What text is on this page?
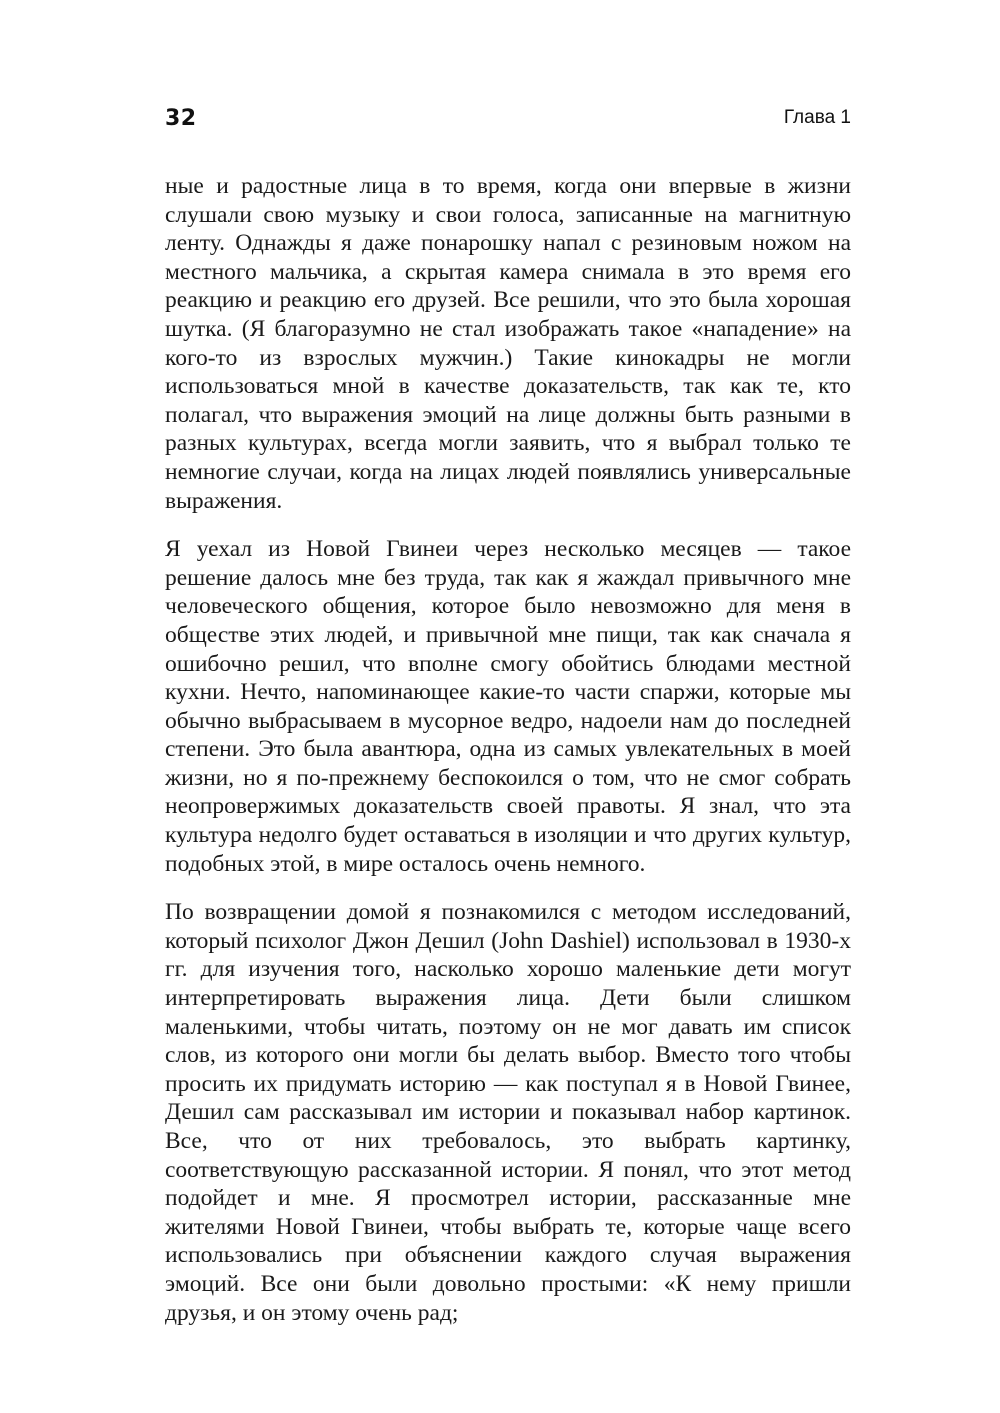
32	Глава 1

ные и радостные лица в то время, когда они впервые в жизни слушали свою музыку и свои голоса, записанные на магнитную ленту. Однажды я даже понарошку напал с резиновым ножом на местного мальчика, а скрытая камера снимала в это время его реакцию и реакцию его друзей. Все решили, что это была хорошая шутка. (Я благоразумно не стал изображать такое «нападение» на кого-то из взрослых мужчин.) Такие кинокадры не могли использоваться мной в качестве доказательств, так как те, кто полагал, что выражения эмоций на лице должны быть разными в разных культурах, всегда могли заявить, что я выбрал только те немногие случаи, когда на лицах людей появлялись универсальные выражения.

Я уехал из Новой Гвинеи через несколько месяцев — такое решение далось мне без труда, так как я жаждал привычного мне человеческого общения, которое было невозможно для меня в обществе этих людей, и привычной мне пищи, так как сначала я ошибочно решил, что вполне смогу обойтись блюдами местной кухни. Нечто, напоминающее какие-то части спаржи, которые мы обычно выбрасываем в мусорное ведро, надоели нам до последней степени. Это была авантюра, одна из самых увлекательных в моей жизни, но я по-прежнему беспокоился о том, что не смог собрать неопровержимых доказательств своей правоты. Я знал, что эта культура недолго будет оставаться в изоляции и что других культур, подобных этой, в мире осталось очень немного.

По возвращении домой я познакомился с методом исследований, который психолог Джон Дешил (John Dashiel) использовал в 1930-х гг. для изучения того, насколько хорошо маленькие дети могут интерпретировать выражения лица. Дети были слишком маленькими, чтобы читать, поэтому он не мог давать им список слов, из которого они могли бы делать выбор. Вместо того чтобы просить их придумать историю — как поступал я в Новой Гвинее, Дешил сам рассказывал им истории и показывал набор картинок. Все, что от них требовалось, это выбрать картинку, соответствующую рассказанной истории. Я понял, что этот метод подойдет и мне. Я просмотрел истории, рассказанные мне жителями Новой Гвинеи, чтобы выбрать те, которые чаще всего использовались при объяснении каждого случая выражения эмоций. Все они были довольно простыми: «К нему пришли друзья, и он этому очень рад;
